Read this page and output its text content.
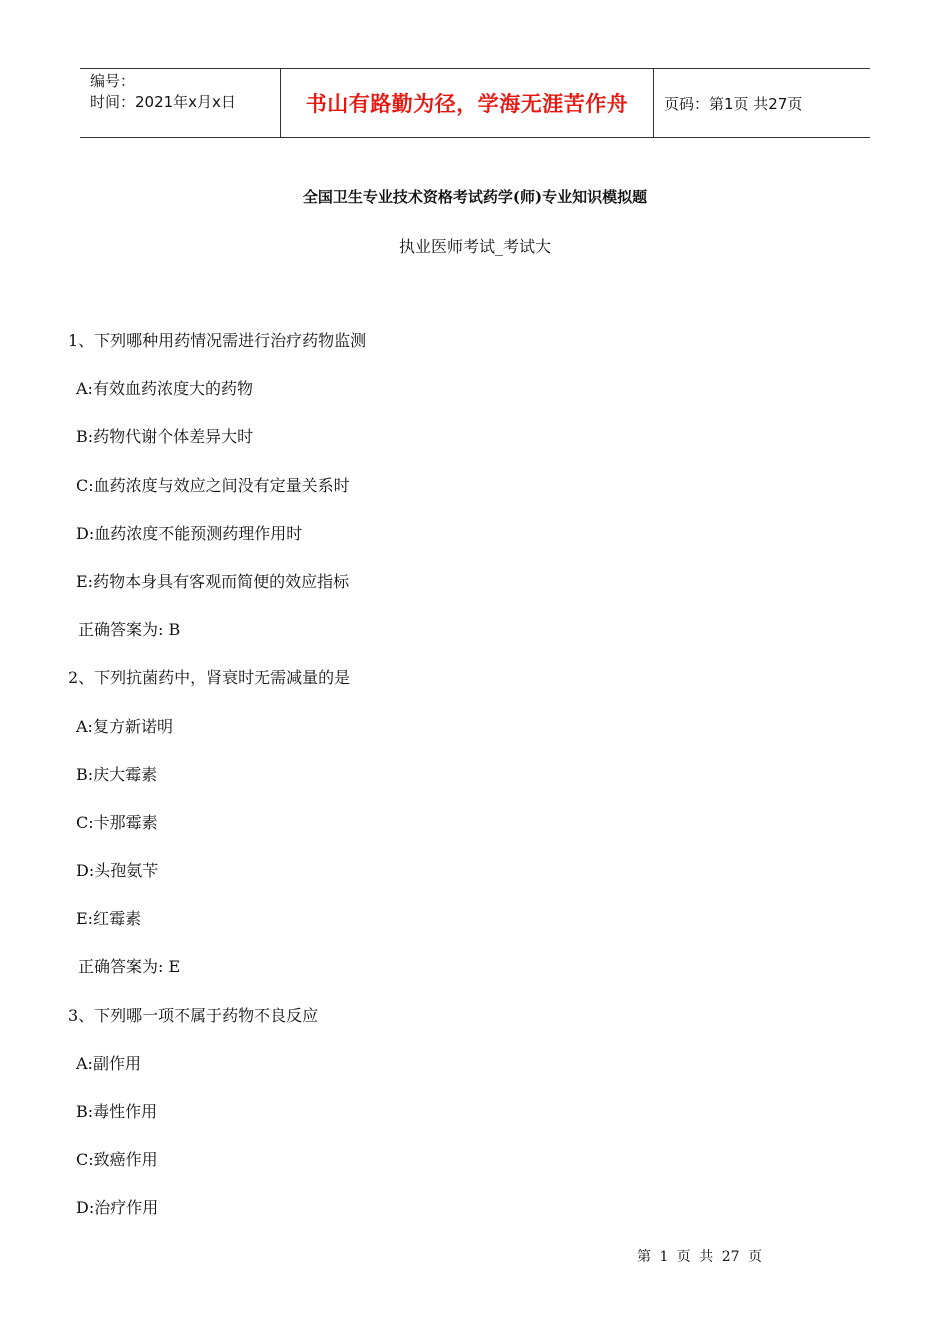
编号：
时间：2021年x月x日	书山有路勤为径，学海无涯苦作舟 页码：第1页 共27页
全国卫生专业技术资格考试药学(师)专业知识模拟题
执业医师考试_考试大
1、下列哪种用药情况需进行治疗药物监测
A:有效血药浓度大的药物
B:药物代谢个体差异大时
C:血药浓度与效应之间没有定量关系时
D:血药浓度不能预测药理作用时
E:药物本身具有客观而简便的效应指标
正确答案为: B
2、下列抗菌药中，肾衰时无需减量的是
A:复方新诺明
B:庆大霉素
C:卡那霉素
D:头孢氨苄
E:红霉素
正确答案为: E
3、下列哪一项不属于药物不良反应
A:副作用
B:毒性作用
C:致癌作用
D:治疗作用
第 1 页 共 27 页
